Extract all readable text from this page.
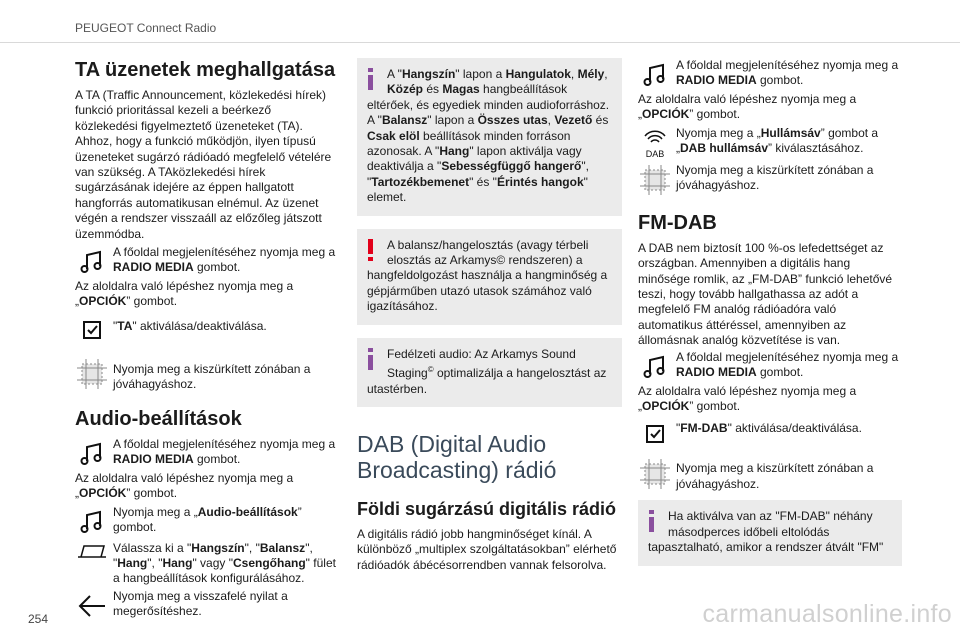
PEUGEOT Connect Radio
TA üzenetek meghallgatása

A TA (Traffic Announcement, közlekedési hírek) funkció prioritással kezeli a beérkező közlekedési figyelmeztető üzeneteket (TA). Ahhoz, hogy a funkció működjön, ilyen típusú üzeneteket sugárzó rádióadó megfelelő vételére van szükség. A TAközlekedési hírek sugárzásának idejére az éppen hallgatott hangforrás automatikusan elnémul. Az üzenet végén a rendszer visszaáll az előzőleg játszott üzemmódba.

A főoldal megjelenítéséhez nyomja meg a RADIO MEDIA gombot.

Az aloldalra való lépéshez nyomja meg a „OPCIÓK” gombot.

"TA" aktiválása/deaktiválása.
Nyomja meg a kiszürkített zónában a jóváhagyáshoz.
Audio-beállítások
A főoldal megjelenítéséhez nyomja meg a RADIO MEDIA gombot.

Az aloldalra való lépéshez nyomja meg a „OPCIÓK” gombot.

Nyomja meg a „Audio-beállítások” gombot.
Válassza ki a "Hangszín", "Balansz", "Hang", "Hang" vagy "Csengőhang" fület a hangbeállítások konfigurálásához.
Nyomja meg a visszafelé nyilat a megerősítéshez.

A "Hangszín" lapon a Hangulatok, Mély, Közép és Magas hangbeállítások eltérőek, és egyediek minden audioforráshoz. A "Balansz" lapon a Összes utas, Vezető és Csak elöl beállítások minden forráson azonosak. A "Hang" lapon aktiválja vagy deaktiválja a "Sebességfüggő hangerő", "Tartozékbemenet" és "Érintés hangok" elemet.

A balansz/hangelosztás (avagy térbeli elosztás az Arkamys© rendszeren) a hangfeldolgozást használja a hangminőség a gépjárműben utazó utasok számához való igazításához.

Fedélzeti audio: Az Arkamys Sound Staging© optimalizálja a hangelosztást az utastérben.

DAB (Digital Audio Broadcasting) rádió
Földi sugárzású digitális rádió

A digitális rádió jobb hangminőséget kínál. A különböző „multiplex szolgáltatásokban” elérhető rádióadók ábécésorrendben vannak felsorolva.

A főoldal megjelenítéséhez nyomja meg a RADIO MEDIA gombot.

Az aloldalra való lépéshez nyomja meg a „OPCIÓK” gombot.

DAB
Nyomja meg a „Hullámsáv” gombot a „DAB hullámsáv” kiválasztásához.
Nyomja meg a kiszürkített zónában a jóváhagyáshoz.
FM-DAB

A DAB nem biztosít 100 %-os lefedettséget az országban. Amennyiben a digitális hang minősége romlik, az „FM-DAB” funkció lehetővé teszi, hogy tovább hallgathassa az adót a megfelelő FM analóg rádióadóra való automatikus áttéréssel, amennyiben az állomásnak analóg közvetítése is van.

A főoldal megjelenítéséhez nyomja meg a RADIO MEDIA gombot.

Az aloldalra való lépéshez nyomja meg a „OPCIÓK” gombot.

"FM-DAB" aktiválása/deaktiválása.
Nyomja meg a kiszürkített zónában a jóváhagyáshoz.

Ha aktiválva van az "FM-DAB" néhány másodperces időbeli eltolódás tapasztalható, amikor a rendszer átvált "FM"

254	carmanualsonline.info
